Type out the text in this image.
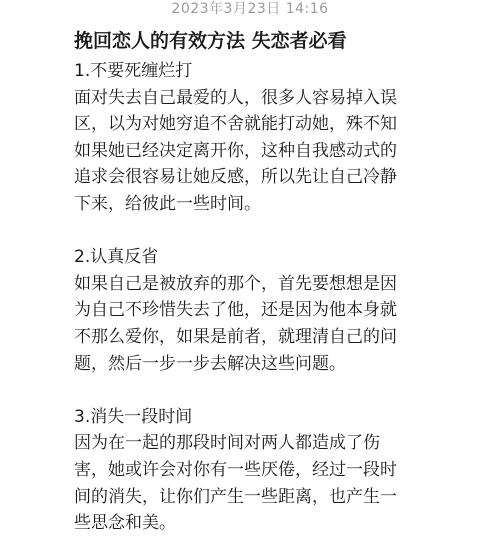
2023年3月23日 14:16
挽回恋人的有效方法 失恋者必看
1.不要死缠烂打
面对失去自己最爱的人，很多人容易掉入误
区，以为对她穷追不舍就能打动她，殊不知
如果她已经决定离开你，这种自我感动式的
追求会很容易让她反感，所以先让自己冷静
下来，给彼此一些时间。
2.认真反省
如果自己是被放弃的那个，首先要想想是因
为自己不珍惜失去了他，还是因为他本身就
不那么爱你，如果是前者，就理清自己的问
题，然后一步一步去解决这些问题。
3.消失一段时间
因为在一起的那段时间对两人都造成了伤
害，她或许会对你有一些厌倦，经过一段时
间的消失，让你们产生一些距离，也产生一
些思念和美。
